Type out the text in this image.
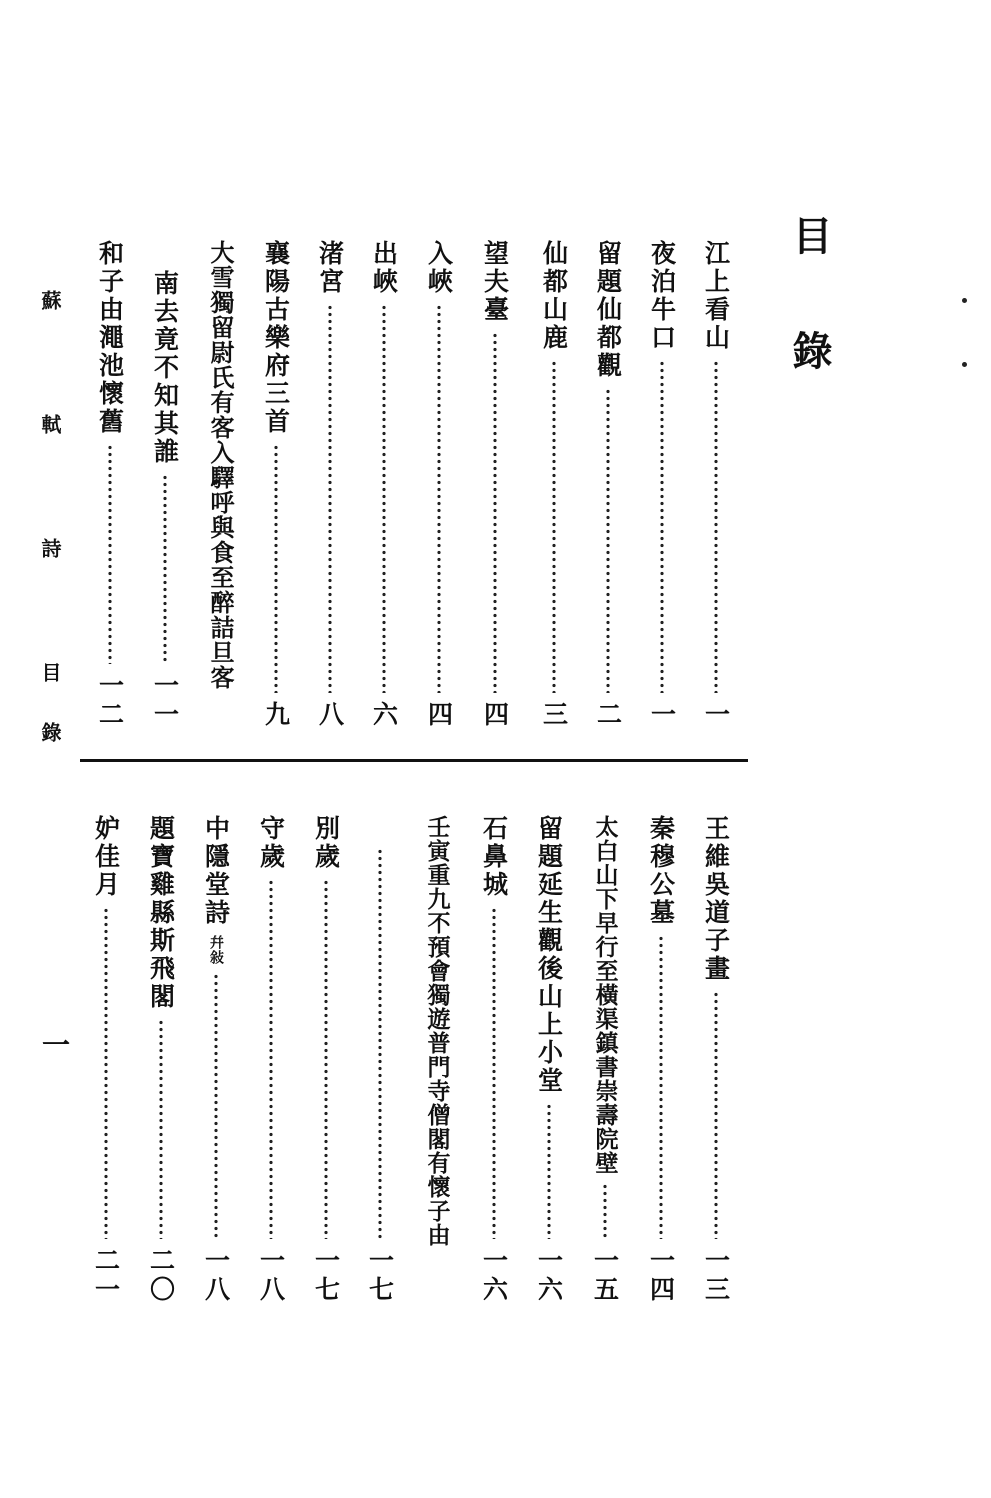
目 錄
蘇 軾 詩 目錄
一
江上看山
一
夜泊牛口
一
留題仙都觀
二
仙都山鹿
三
望夫臺
四
入峽
四
出峽
六
渚宮
八
襄陽古樂府三首
九
大雪獨留尉氏有客入驛呼與食至醉詰旦客
南去竟不知其誰
一一
和子由澠池懷舊
一二
王維吳道子畫
一三
秦穆公墓
一四
太白山下早行至橫渠鎮書崇壽院壁
一五
留題延生觀後山上小堂
一六
石鼻城
一六
壬寅重九不預會獨遊普門寺僧閣有懷子由
一七
別歲
一七
守歲
一八
中隱堂詩
幷敍
一八
題寶雞縣斯飛閣
二〇
妒佳月
二一
